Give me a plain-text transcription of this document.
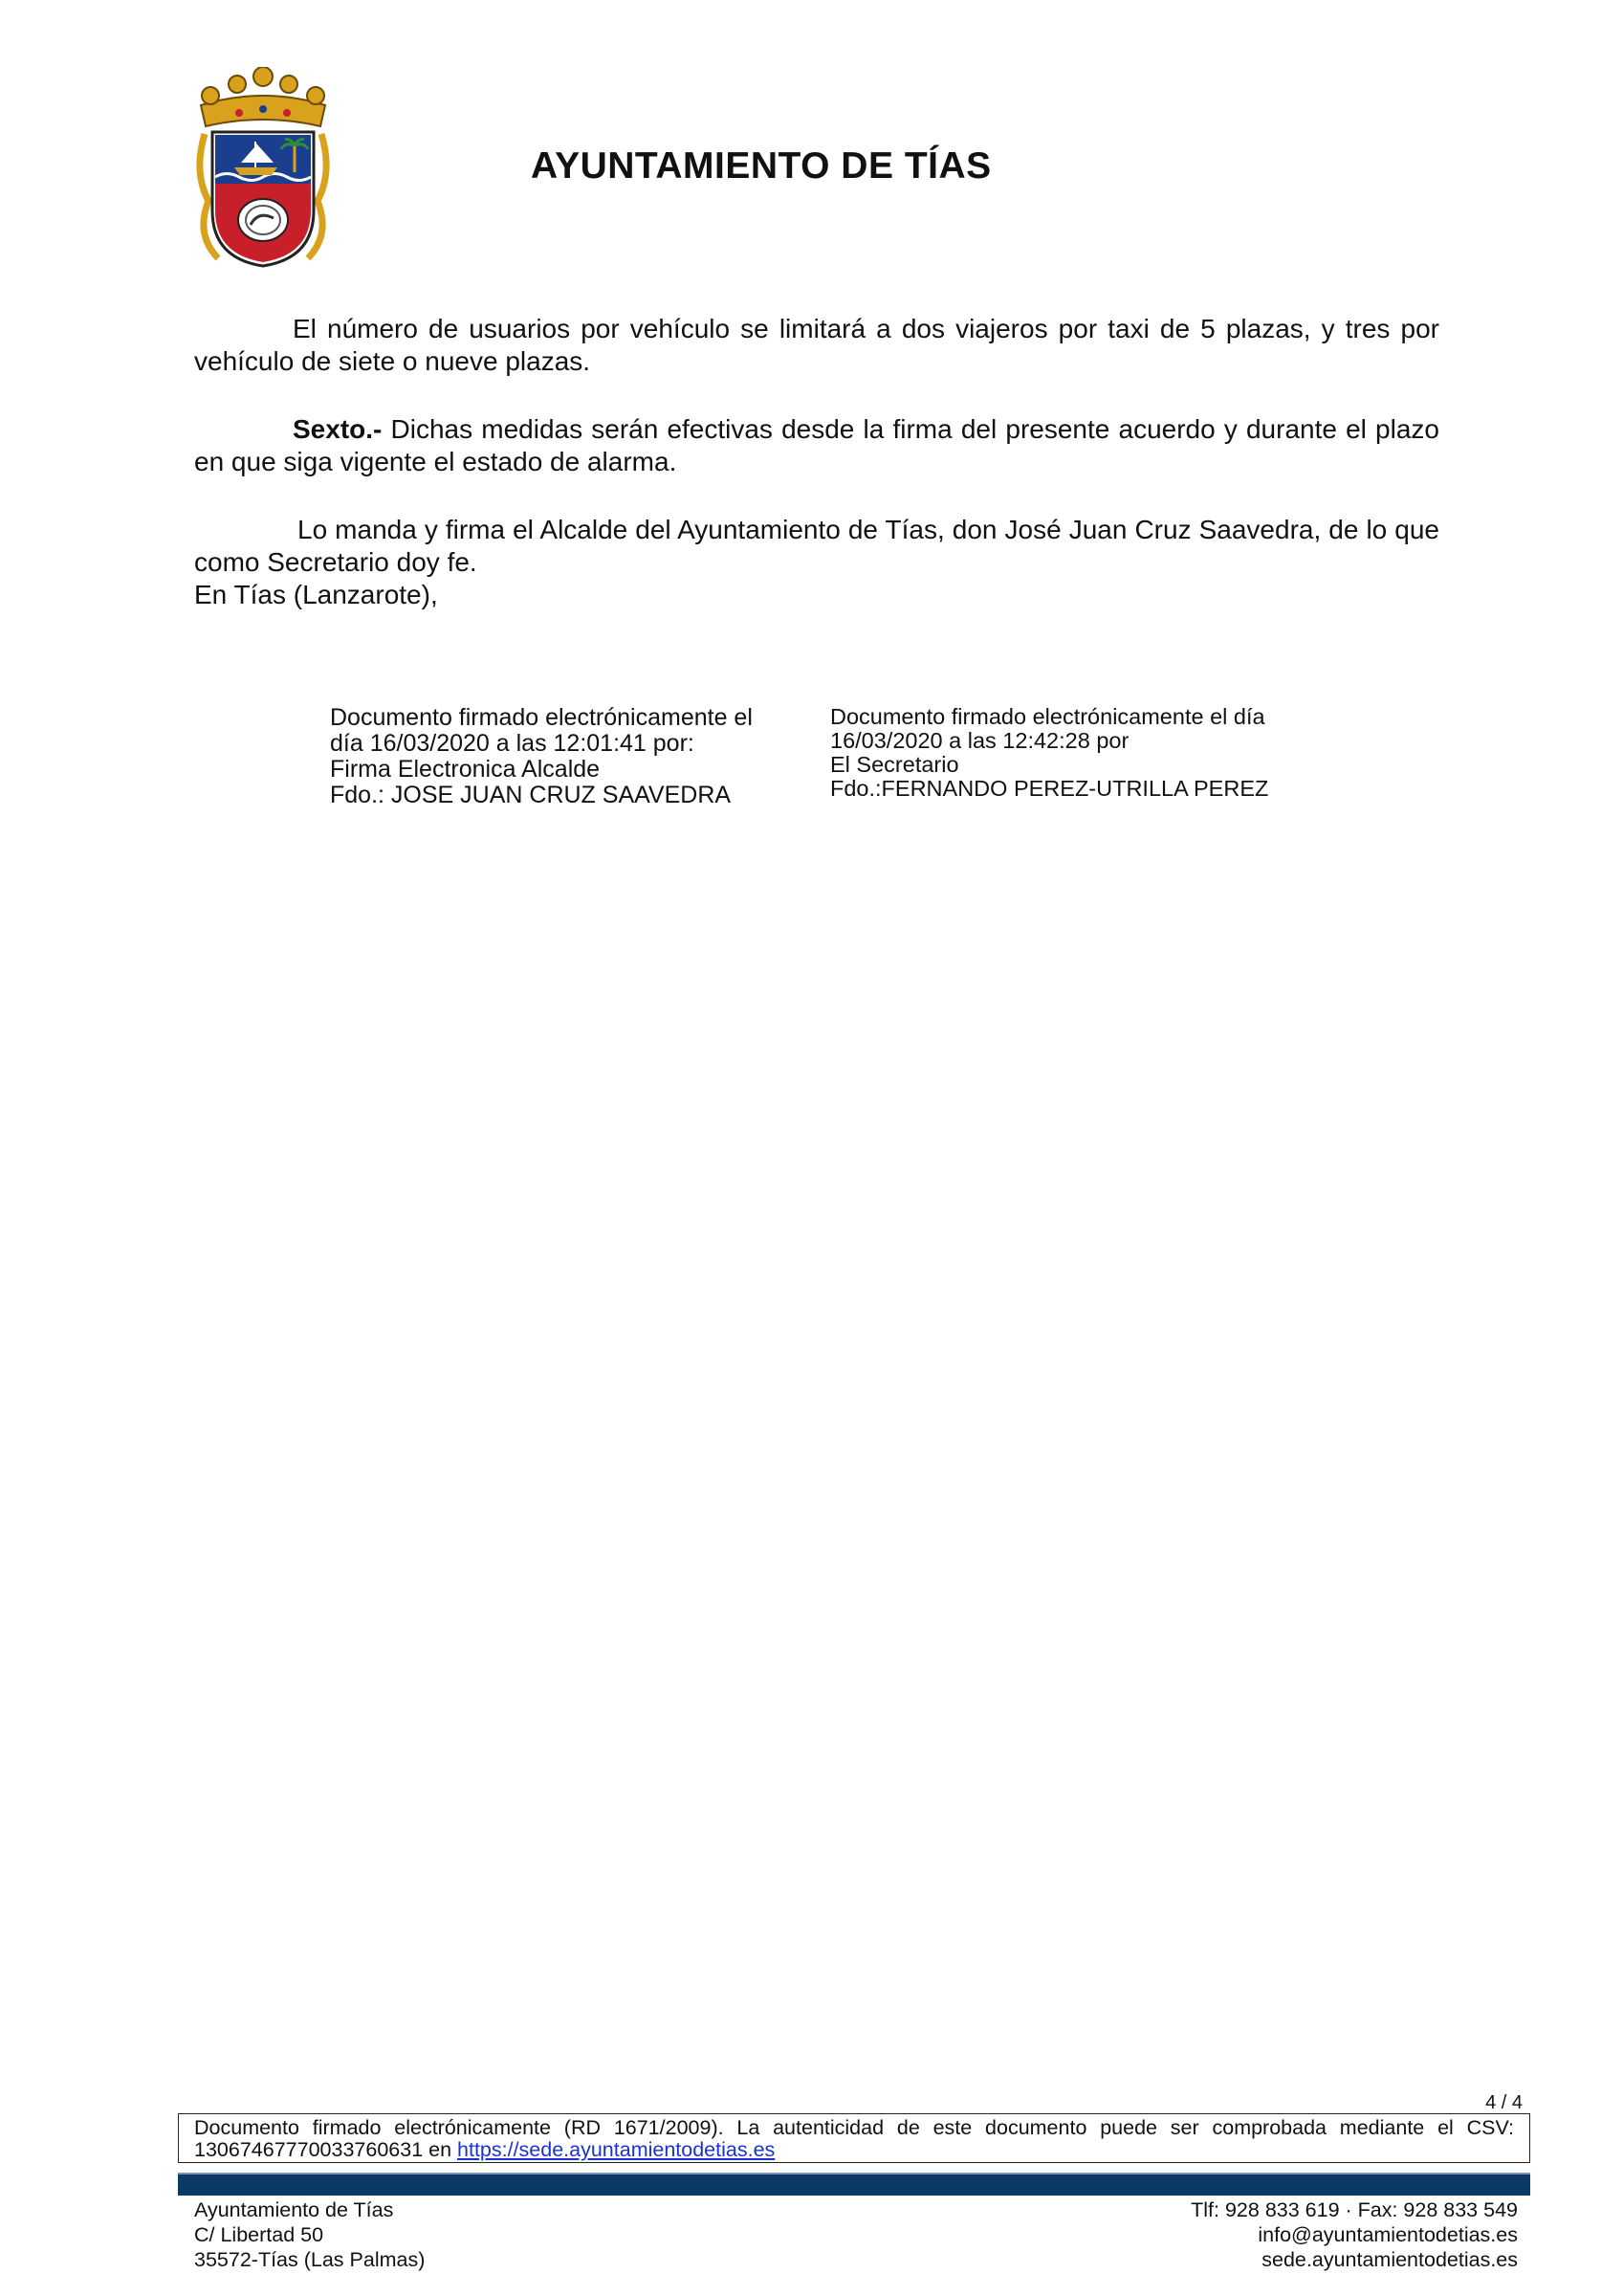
AYUNTAMIENTO DE TÍAS

El número de usuarios por vehículo se limitará a dos viajeros por taxi de 5 plazas, y tres por vehículo de siete o nueve plazas.

Sexto.- Dichas medidas serán efectivas desde la firma del presente acuerdo y durante el plazo en que siga vigente el estado de alarma.

Lo manda y firma el Alcalde del Ayuntamiento de Tías, don José Juan Cruz Saavedra, de lo que como Secretario doy fe.

En Tías (Lanzarote),

Documento firmado electrónicamente el
día 16/03/2020 a las 12:01:41 por:
Firma Electronica Alcalde
Fdo.: JOSE JUAN CRUZ SAAVEDRA
Documento firmado electrónicamente el día
16/03/2020 a las 12:42:28 por
El Secretario
Fdo.:FERNANDO PEREZ-UTRILLA PEREZ
4 / 4
Documento firmado electrónicamente (RD 1671/2009). La autenticidad de este documento puede ser comprobada mediante el CSV: 13067467770033760631 en https://sede.ayuntamientodetias.es
Ayuntamiento de Tías
C/ Libertad 50
35572-Tías (Las Palmas)
Tlf: 928 833 619 · Fax: 928 833 549
info@ayuntamientodetias.es
sede.ayuntamientodetias.es
